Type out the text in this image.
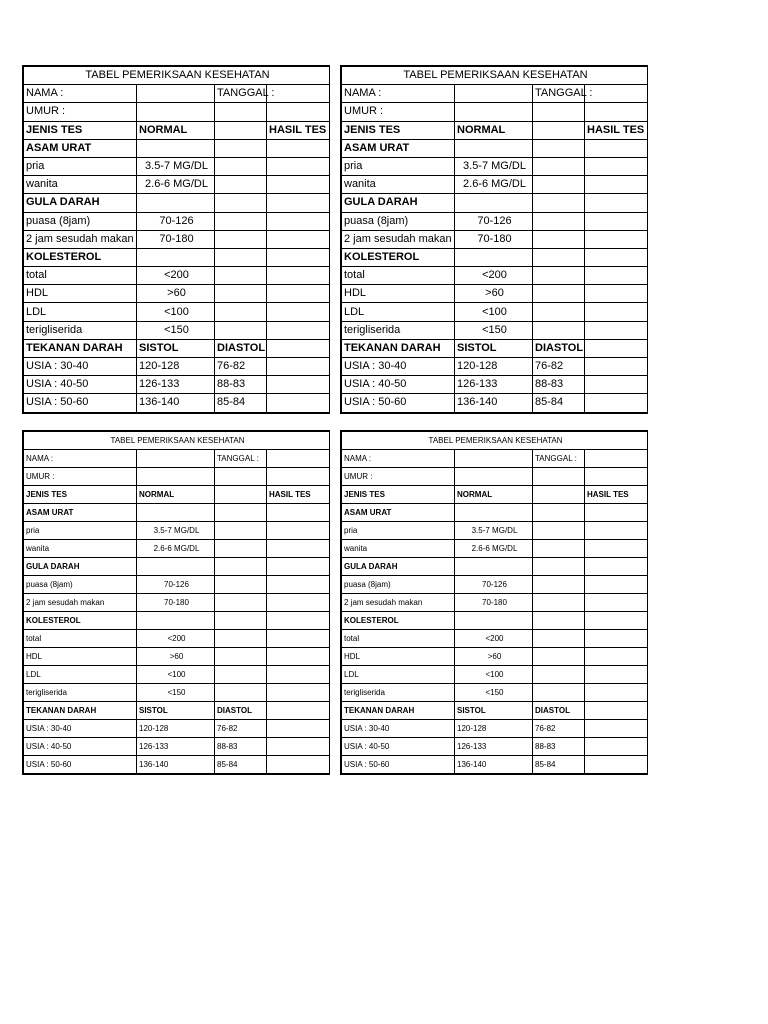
TABEL PEMERIKSAAN KESEHATAN			
NAMA :		TANGGAL :	
UMUR :			
JENIS TES	NORMAL		HASIL TES
ASAM URAT			
pria	3.5-7 MG/DL		
wanita	2.6-6 MG/DL		
GULA DARAH			
puasa (8jam)	70-126		
2 jam sesudah makan	70-180		
KOLESTEROL			
total	<200		
HDL	>60		
LDL	<100		
terigliserida	<150		
TEKANAN DARAH	SISTOL	DIASTOL	
USIA : 30-40	120-128	76-82	
USIA : 40-50	126-133	88-83	
USIA : 50-60	136-140	85-84	
TABEL PEMERIKSAAN KESEHATAN			
NAMA :		TANGGAL :	
UMUR :			
JENIS TES	NORMAL		HASIL TES
ASAM URAT			
pria	3.5-7 MG/DL		
wanita	2.6-6 MG/DL		
GULA DARAH			
puasa (8jam)	70-126		
2 jam sesudah makan	70-180		
KOLESTEROL			
total	<200		
HDL	>60		
LDL	<100		
terigliserida	<150		
TEKANAN DARAH	SISTOL	DIASTOL	
USIA : 30-40	120-128	76-82	
USIA : 40-50	126-133	88-83	
USIA : 50-60	136-140	85-84	
TABEL PEMERIKSAAN KESEHATAN			
NAMA :		TANGGAL :	
UMUR :			
JENIS TES	NORMAL		HASIL TES
ASAM URAT			
pria	3.5-7 MG/DL		
wanita	2.6-6 MG/DL		
GULA DARAH			
puasa (8jam)	70-126		
2 jam sesudah makan	70-180		
KOLESTEROL			
total	<200		
HDL	>60		
LDL	<100		
terigliserida	<150		
TEKANAN DARAH	SISTOL	DIASTOL	
USIA : 30-40	120-128	76-82	
USIA : 40-50	126-133	88-83	
USIA : 50-60	136-140	85-84	
TABEL PEMERIKSAAN KESEHATAN			
NAMA :		TANGGAL :	
UMUR :			
JENIS TES	NORMAL		HASIL TES
ASAM URAT			
pria	3.5-7 MG/DL		
wanita	2.6-6 MG/DL		
GULA DARAH			
puasa (8jam)	70-126		
2 jam sesudah makan	70-180		
KOLESTEROL			
total	<200		
HDL	>60		
LDL	<100		
terigliserida	<150		
TEKANAN DARAH	SISTOL	DIASTOL	
USIA : 30-40	120-128	76-82	
USIA : 40-50	126-133	88-83	
USIA : 50-60	136-140	85-84	
